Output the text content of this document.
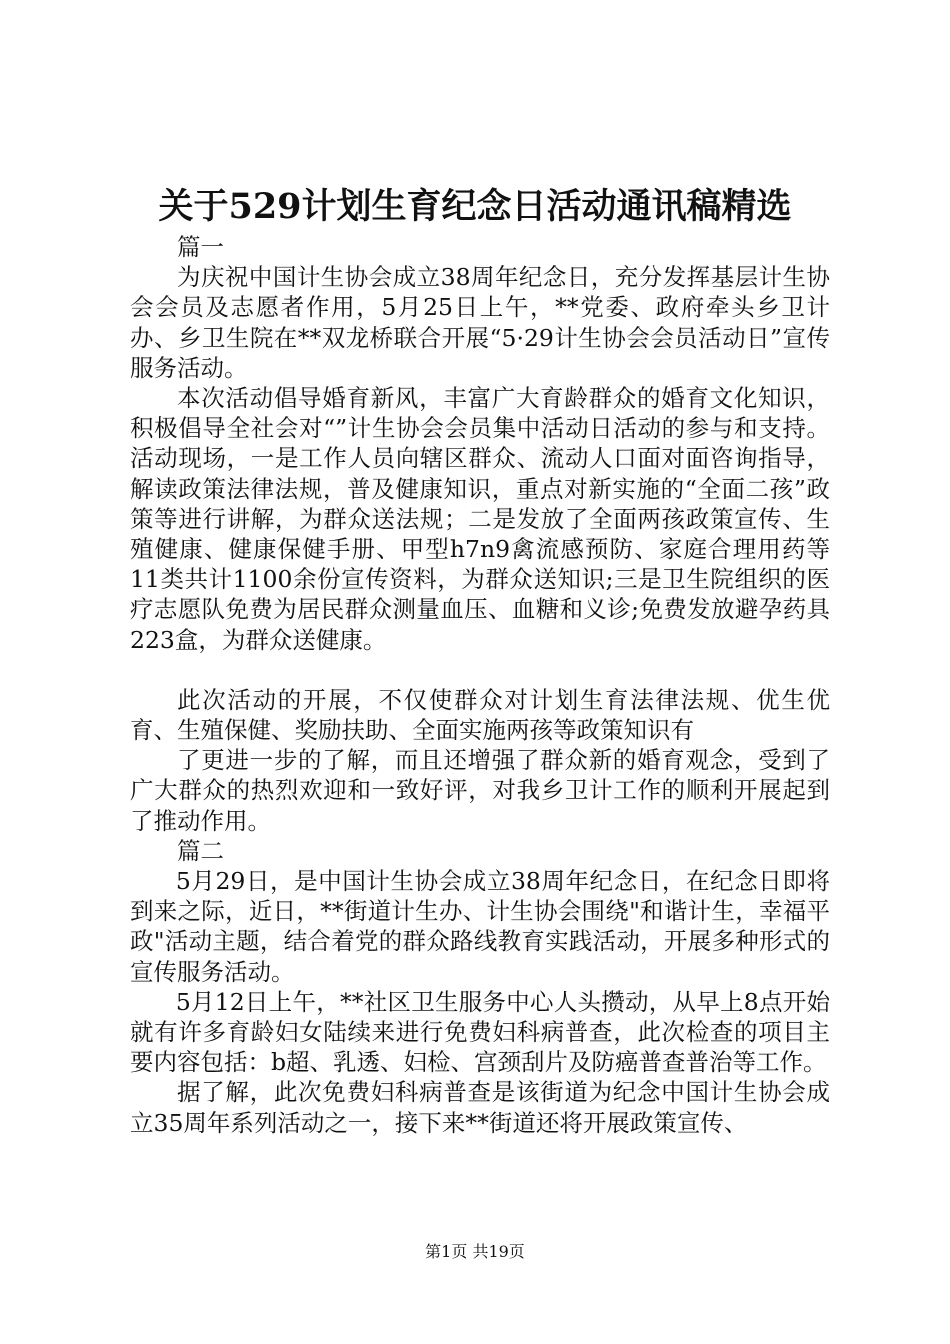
关于529计划生育纪念日活动通讯稿精选

篇一

为庆祝中国计生协会成立38周年纪念日，充分发挥基层计生协会会员及志愿者作用，5月25日上午，**党委、政府牵头乡卫计办、乡卫生院在**双龙桥联合开展“5·29计生协会会员活动日”宣传服务活动。

本次活动倡导婚育新风，丰富广大育龄群众的婚育文化知识，积极倡导全社会对“”计生协会会员集中活动日活动的参与和支持。活动现场，一是工作人员向辖区群众、流动人口面对面咨询指导，解读政策法律法规，普及健康知识，重点对新实施的“全面二孩”政策等进行讲解，为群众送法规；二是发放了全面两孩政策宣传、生殖健康、健康保健手册、甲型h7n9禽流感预防、家庭合理用药等11类共计1100余份宣传资料，为群众送知识;三是卫生院组织的医疗志愿队免费为居民群众测量血压、血糖和义诊;免费发放避孕药具223盒，为群众送健康。

此次活动的开展，不仅使群众对计划生育法律法规、优生优育、生殖保健、奖励扶助、全面实施两孩等政策知识有

了更进一步的了解，而且还增强了群众新的婚育观念，受到了广大群众的热烈欢迎和一致好评，对我乡卫计工作的顺利开展起到了推动作用。

篇二

5月29日，是中国计生协会成立38周年纪念日，在纪念日即将到来之际，近日，**街道计生办、计生协会围绕"和谐计生，幸福平政"活动主题，结合着党的群众路线教育实践活动，开展多种形式的宣传服务活动。

5月12日上午，**社区卫生服务中心人头攒动，从早上8点开始就有许多育龄妇女陆续来进行免费妇科病普查，此次检查的项目主要内容包括：b超、乳透、妇检、宫颈刮片及防癌普查普治等工作。

据了解，此次免费妇科病普查是该街道为纪念中国计生协会成立35周年系列活动之一，接下来**街道还将开展政策宣传、

第1页 共19页
